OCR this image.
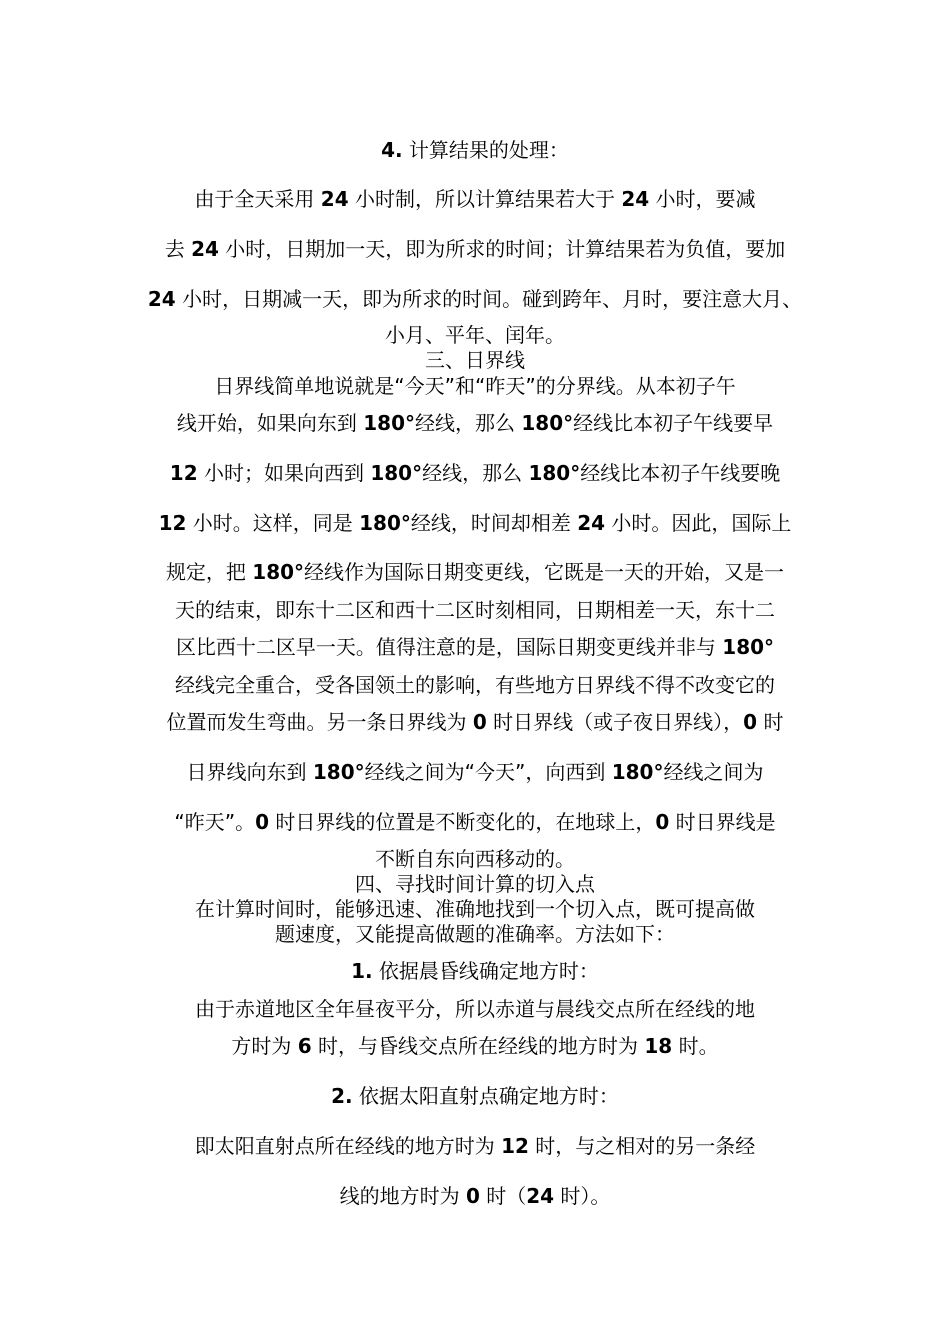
4. 计算结果的处理：
由于全天采用 24 小时制，所以计算结果若大于 24 小时，要减
去 24 小时，日期加一天，即为所求的时间；计算结果若为负值，要加
24 小时，日期减一天，即为所求的时间。碰到跨年、月时，要注意大月、
小月、平年、闰年。
三、日界线
日界线简单地说就是“今天”和“昨天”的分界线。从本初子午
线开始，如果向东到 180°经线，那么 180°经线比本初子午线要早
12 小时；如果向西到 180°经线，那么 180°经线比本初子午线要晚
12 小时。这样，同是 180°经线，时间却相差 24 小时。因此，国际上
规定，把 180°经线作为国际日期变更线，它既是一天的开始，又是一
天的结束，即东十二区和西十二区时刻相同，日期相差一天，东十二
区比西十二区早一天。值得注意的是，国际日期变更线并非与 180°
经线完全重合，受各国领土的影响，有些地方日界线不得不改变它的
位置而发生弯曲。另一条日界线为 0 时日界线（或子夜日界线），0 时
日界线向东到 180°经线之间为“今天”，向西到 180°经线之间为
“昨天”。0 时日界线的位置是不断变化的，在地球上，0 时日界线是
不断自东向西移动的。
四、寻找时间计算的切入点
在计算时间时，能够迅速、准确地找到一个切入点，既可提高做
题速度，又能提高做题的准确率。方法如下：
1. 依据晨昏线确定地方时：
由于赤道地区全年昼夜平分，所以赤道与晨线交点所在经线的地
方时为 6 时，与昏线交点所在经线的地方时为 18 时。
2. 依据太阳直射点确定地方时：
即太阳直射点所在经线的地方时为 12 时，与之相对的另一条经
线的地方时为 0 时（24 时）。
